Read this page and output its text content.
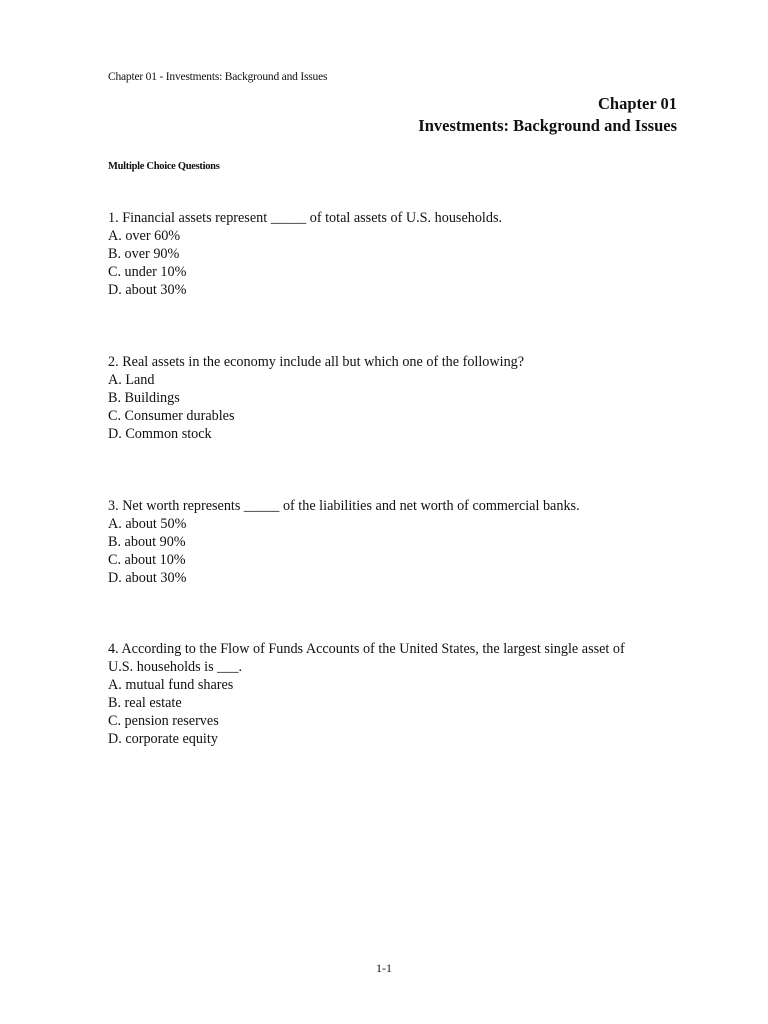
Chapter 01 - Investments: Background and Issues
Chapter 01
Investments: Background and Issues
Multiple Choice Questions
1. Financial assets represent _____ of total assets of U.S. households.
A. over 60%
B. over 90%
C. under 10%
D. about 30%
2. Real assets in the economy include all but which one of the following?
A. Land
B. Buildings
C. Consumer durables
D. Common stock
3. Net worth represents _____ of the liabilities and net worth of commercial banks.
A. about 50%
B. about 90%
C. about 10%
D. about 30%
4. According to the Flow of Funds Accounts of the United States, the largest single asset of
U.S. households is ___.
A. mutual fund shares
B. real estate
C. pension reserves
D. corporate equity
1-1
